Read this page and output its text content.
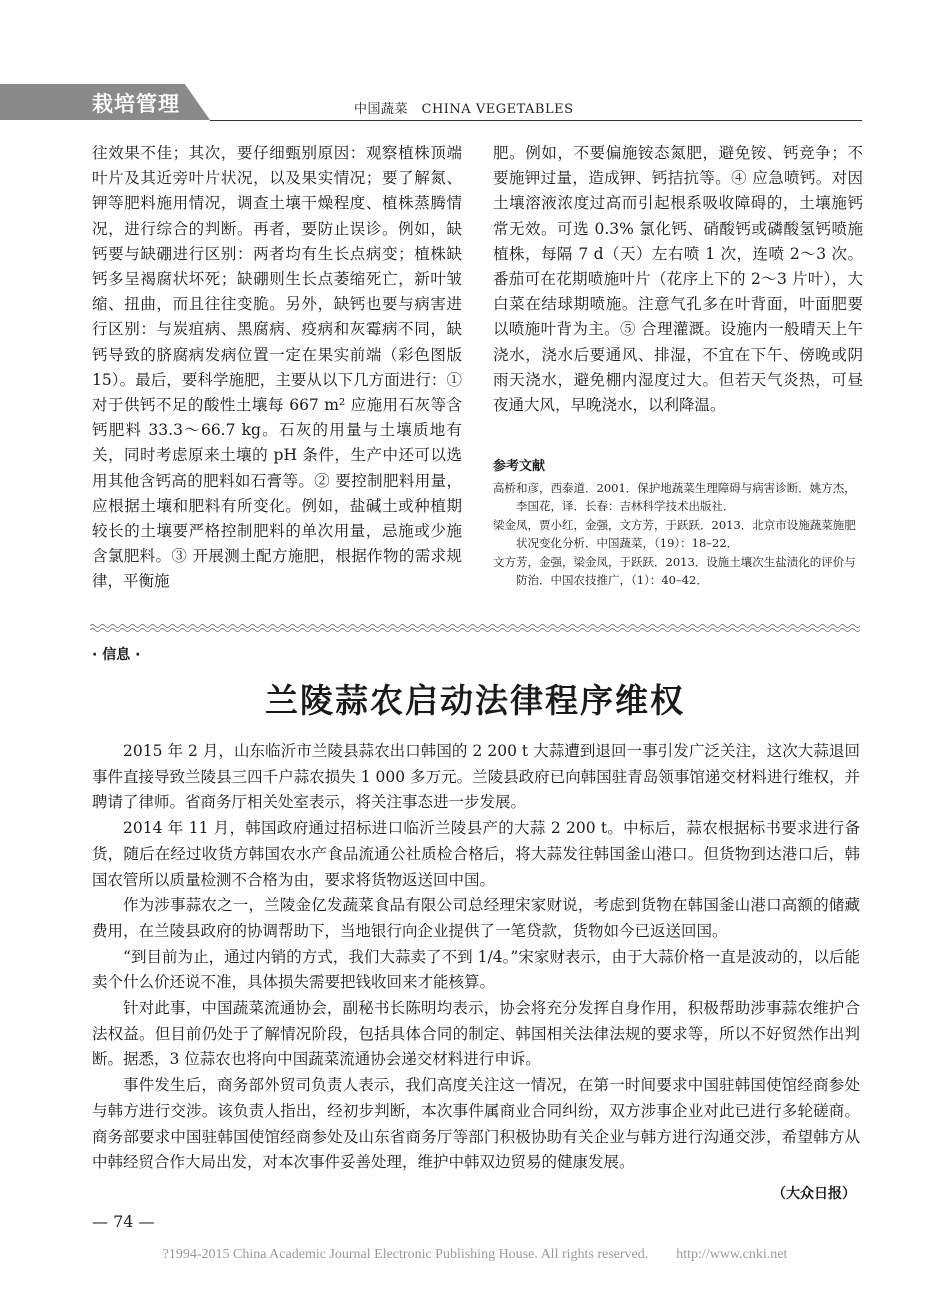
栽培管理	中国蔬菜　CHINA VEGETABLES

往效果不佳；其次，要仔细甄别原因：观察植株顶端叶片及其近旁叶片状况，以及果实情况；要了解氮、钾等肥料施用情况，调查土壤干燥程度、植株蒸腾情况，进行综合的判断。再者，要防止误诊。例如，缺钙要与缺硼进行区别：两者均有生长点病变；植株缺钙多呈褐腐状坏死；缺硼则生长点萎缩死亡，新叶皱缩、扭曲，而且往往变脆。另外，缺钙也要与病害进行区别：与炭疽病、黑腐病、疫病和灰霉病不同，缺钙导致的脐腐病发病位置一定在果实前端（彩色图版 15）。最后，要科学施肥，主要从以下几方面进行：① 对于供钙不足的酸性土壤每 667 m² 应施用石灰等含钙肥料 33.3～66.7 kg。石灰的用量与土壤质地有关，同时考虑原来土壤的 pH 条件，生产中还可以选用其他含钙高的肥料如石膏等。② 要控制肥料用量，应根据土壤和肥料有所变化。例如，盐碱土或种植期较长的土壤要严格控制肥料的单次用量，忌施或少施含氯肥料。③ 开展测土配方施肥，根据作物的需求规律，平衡施

肥。例如，不要偏施铵态氮肥，避免铵、钙竞争；不要施钾过量，造成钾、钙拮抗等。④ 应急喷钙。对因土壤溶液浓度过高而引起根系吸收障碍的，土壤施钙常无效。可选 0.3% 氯化钙、硝酸钙或磷酸氢钙喷施植株，每隔 7 d（天）左右喷 1 次，连喷 2～3 次。番茄可在花期喷施叶片（花序上下的 2～3 片叶），大白菜在结球期喷施。注意气孔多在叶背面，叶面肥要以喷施叶背为主。⑤ 合理灌溉。设施内一般晴天上午浇水，浇水后要通风、排湿，不宜在下午、傍晚或阴雨天浇水，避免棚内湿度过大。但若天气炎热，可昼夜通大风，早晚浇水，以利降温。

参考文献

高桥和彦，西泰道．2001．保护地蔬菜生理障碍与病害诊断．姚方杰，李国花，译．长春：吉林科学技术出版社．

梁金凤，贾小红，金强，文方芳，于跃跃．2013．北京市设施蔬菜施肥状况变化分析．中国蔬菜，（19）：18–22．

文方芳，金强，梁金凤，于跃跃．2013．设施土壤次生盐渍化的评价与防治．中国农技推广，（1）：40–42．

· 信息 ·
兰陵蒜农启动法律程序维权

2015 年 2 月，山东临沂市兰陵县蒜农出口韩国的 2 200 t 大蒜遭到退回一事引发广泛关注，这次大蒜退回事件直接导致兰陵县三四千户蒜农损失 1 000 多万元。兰陵县政府已向韩国驻青岛领事馆递交材料进行维权，并聘请了律师。省商务厅相关处室表示，将关注事态进一步发展。

2014 年 11 月，韩国政府通过招标进口临沂兰陵县产的大蒜 2 200 t。中标后，蒜农根据标书要求进行备货，随后在经过收货方韩国农水产食品流通公社质检合格后，将大蒜发往韩国釜山港口。但货物到达港口后，韩国农管所以质量检测不合格为由，要求将货物返送回中国。

作为涉事蒜农之一，兰陵金亿发蔬菜食品有限公司总经理宋家财说，考虑到货物在韩国釜山港口高额的储藏费用，在兰陵县政府的协调帮助下，当地银行向企业提供了一笔贷款，货物如今已返送回国。

“到目前为止，通过内销的方式，我们大蒜卖了不到 1/4。”宋家财表示，由于大蒜价格一直是波动的，以后能卖个什么价还说不准，具体损失需要把钱收回来才能核算。

针对此事，中国蔬菜流通协会，副秘书长陈明均表示，协会将充分发挥自身作用，积极帮助涉事蒜农维护合法权益。但目前仍处于了解情况阶段，包括具体合同的制定、韩国相关法律法规的要求等，所以不好贸然作出判断。据悉，3 位蒜农也将向中国蔬菜流通协会递交材料进行申诉。

事件发生后，商务部外贸司负责人表示，我们高度关注这一情况，在第一时间要求中国驻韩国使馆经商参处与韩方进行交涉。该负责人指出，经初步判断，本次事件属商业合同纠纷，双方涉事企业对此已进行多轮磋商。商务部要求中国驻韩国使馆经商参处及山东省商务厅等部门积极协助有关企业与韩方进行沟通交涉，希望韩方从中韩经贸合作大局出发，对本次事件妥善处理，维护中韩双边贸易的健康发展。

（大众日报）
— 74 —
?1994-2015 China Academic Journal Electronic Publishing House. All rights reserved.　　http://www.cnki.net
